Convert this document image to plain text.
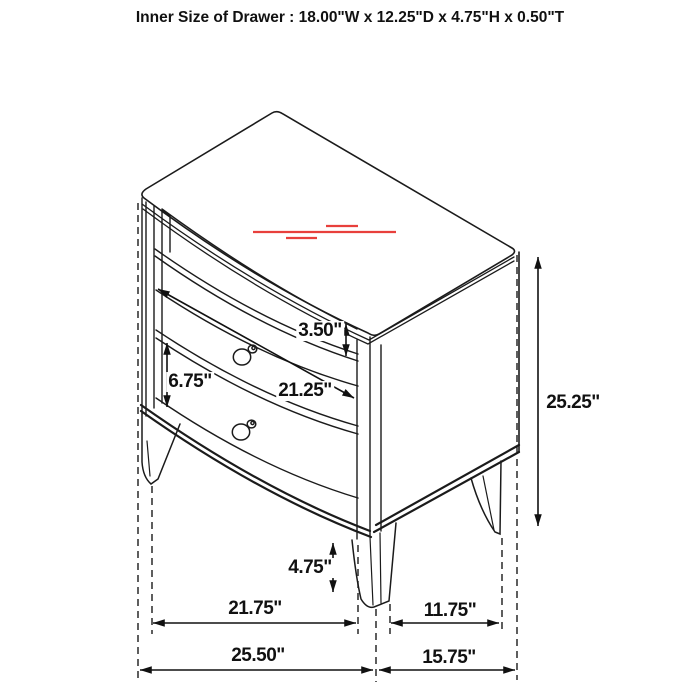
Inner Size of Drawer : 18.00"W x 12.25"D x 4.75"H x 0.50"T
3.50"
6.75"	21.25"
25.25"
4.75"
21.75"	11.75"
25.50"	15.75"
